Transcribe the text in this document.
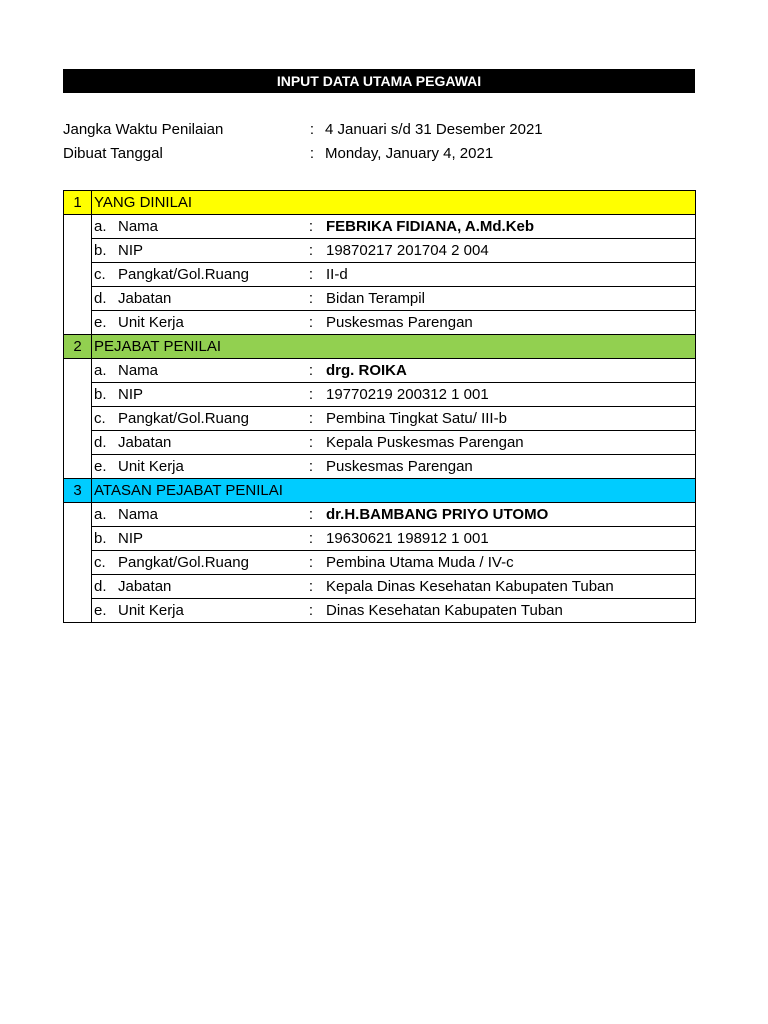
INPUT DATA UTAMA PEGAWAI
Jangka Waktu Penilaian	: 4 Januari s/d 31 Desember 2021
Dibuat Tanggal	: Monday, January 4, 2021
1	YANG DINILAI
	a. Nama : FEBRIKA FIDIANA, A.Md.Keb
	b. NIP : 19870217 201704 2 004
	c. Pangkat/Gol.Ruang : II-d
	d. Jabatan : Bidan Terampil
	e. Unit Kerja : Puskesmas Parengan
2	PEJABAT PENILAI
	a. Nama : drg. ROIKA
	b. NIP : 19770219 200312 1 001
	c. Pangkat/Gol.Ruang : Pembina Tingkat Satu/ III-b
	d. Jabatan : Kepala Puskesmas Parengan
	e. Unit Kerja : Puskesmas Parengan
3	ATASAN PEJABAT PENILAI
	a. Nama : dr.H.BAMBANG PRIYO UTOMO
	b. NIP : 19630621 198912 1 001
	c. Pangkat/Gol.Ruang : Pembina Utama Muda / IV-c
	d. Jabatan : Kepala Dinas Kesehatan Kabupaten Tuban
	e. Unit Kerja : Dinas Kesehatan Kabupaten Tuban
